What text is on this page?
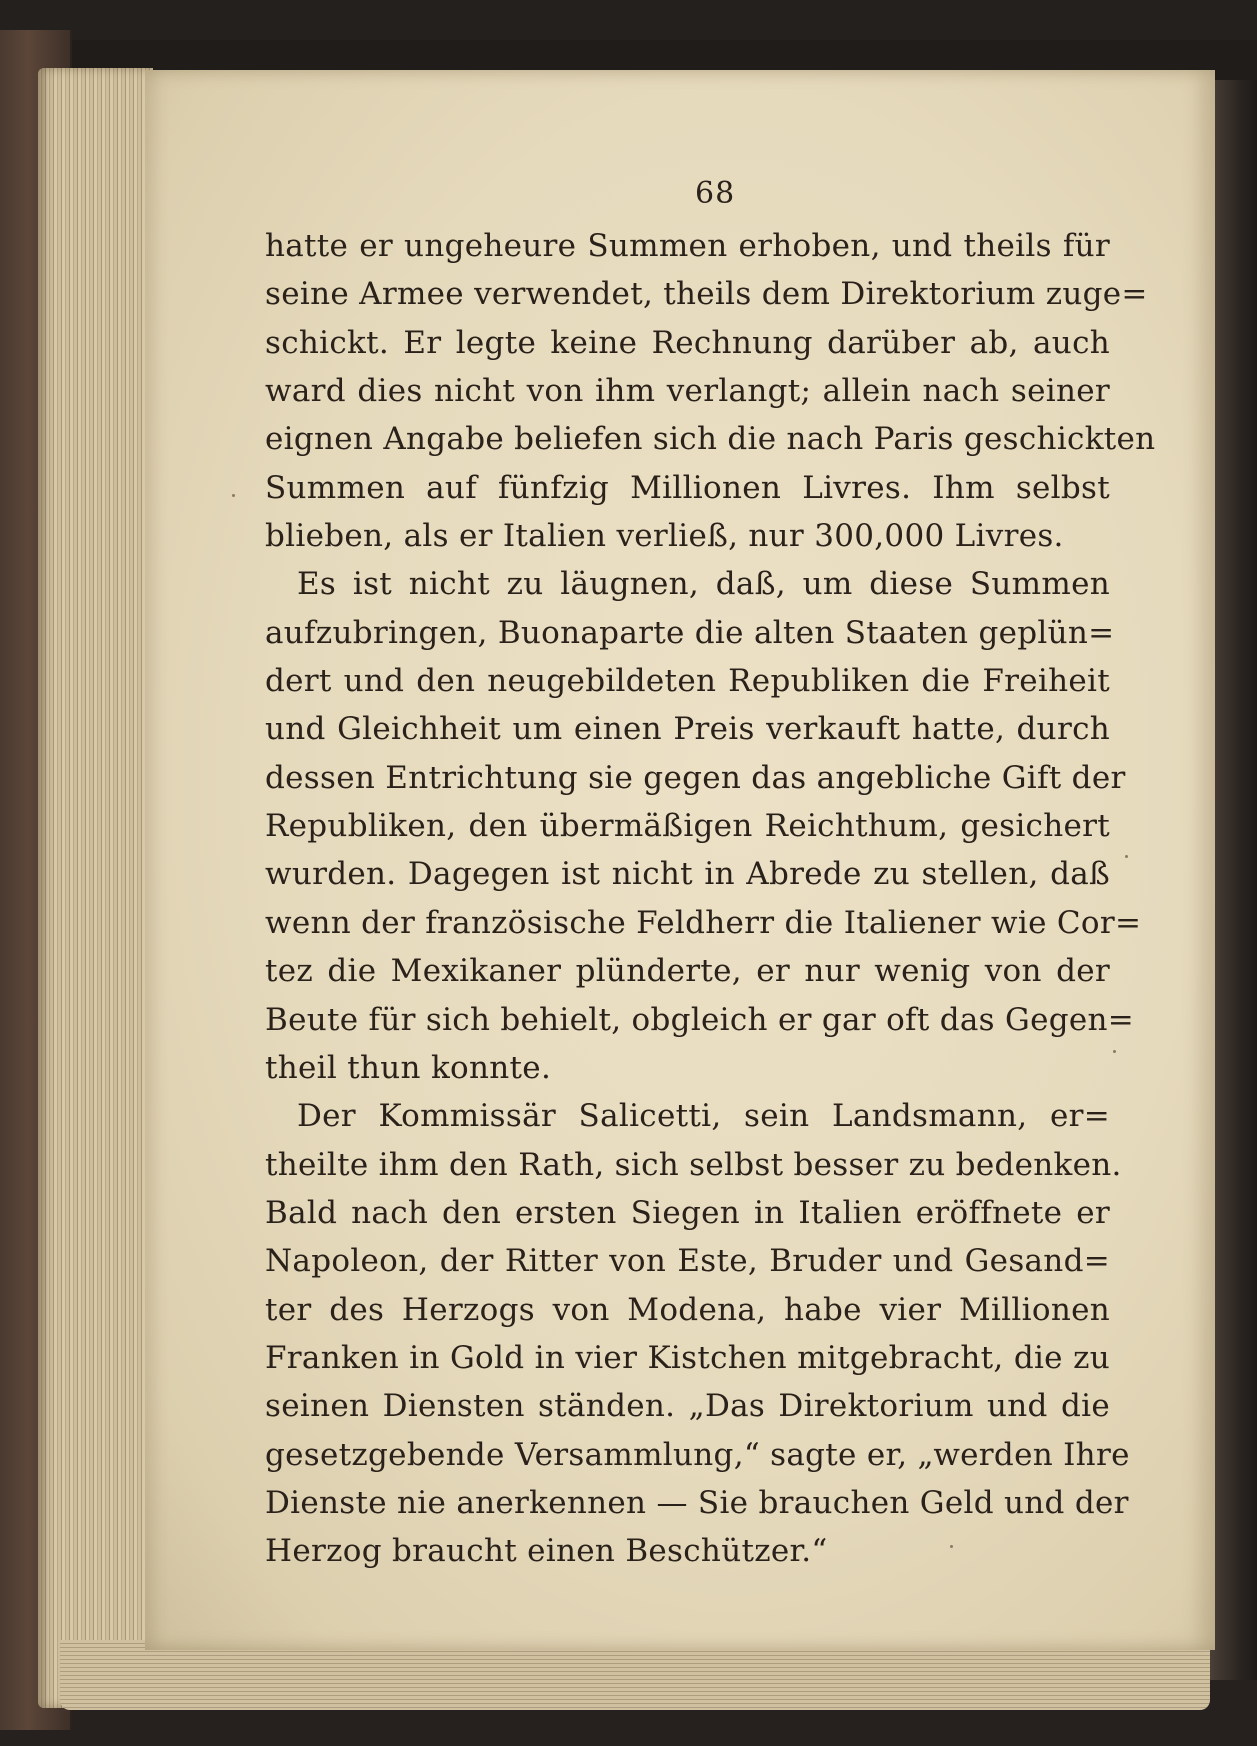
68
hatte er ungeheure Summen erhoben, und theils für
seine Armee verwendet, theils dem Direktorium zuge=
schickt. Er legte keine Rechnung darüber ab, auch
ward dies nicht von ihm verlangt; allein nach seiner
eignen Angabe beliefen sich die nach Paris geschickten
Summen auf fünfzig Millionen Livres. Ihm selbst
blieben, als er Italien verließ, nur 300,000 Livres.
Es ist nicht zu läugnen, daß, um diese Summen
aufzubringen, Buonaparte die alten Staaten geplün=
dert und den neugebildeten Republiken die Freiheit
und Gleichheit um einen Preis verkauft hatte, durch
dessen Entrichtung sie gegen das angebliche Gift der
Republiken, den übermäßigen Reichthum, gesichert
wurden. Dagegen ist nicht in Abrede zu stellen, daß
wenn der französische Feldherr die Italiener wie Cor=
tez die Mexikaner plünderte, er nur wenig von der
Beute für sich behielt, obgleich er gar oft das Gegen=
theil thun konnte.
Der Kommissär Salicetti, sein Landsmann, er=
theilte ihm den Rath, sich selbst besser zu bedenken.
Bald nach den ersten Siegen in Italien eröffnete er
Napoleon, der Ritter von Este, Bruder und Gesand=
ter des Herzogs von Modena, habe vier Millionen
Franken in Gold in vier Kistchen mitgebracht, die zu
seinen Diensten ständen. „Das Direktorium und die
gesetzgebende Versammlung,“ sagte er, „werden Ihre
Dienste nie anerkennen — Sie brauchen Geld und der
Herzog braucht einen Beschützer.“
